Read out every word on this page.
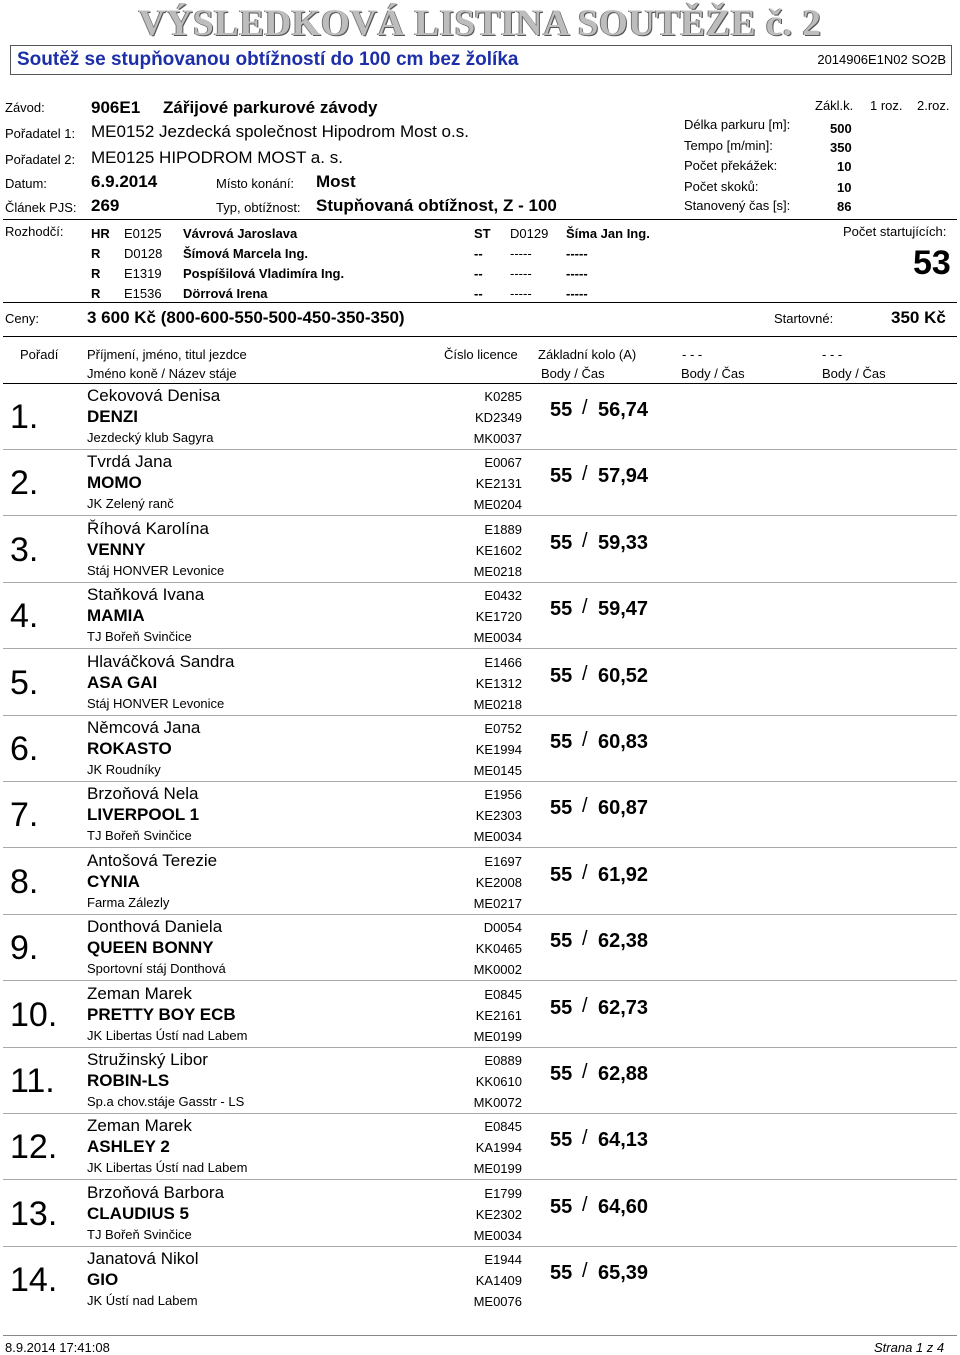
VÝSLEDKOVÁ LISTINA SOUTĚŽE č. 2
Soutěž se stupňovanou obtížností do 100 cm bez žolíka	2014906E1N02 SO2B
Závod:	906E1 Zářijové parkurové závody
Pořadatel 1: ME0152 Jezdecká společnost Hipodrom Most o.s.
Pořadatel 2: ME0125 HIPODROM MOST a. s.
Datum:	6.9.2014	Místo konání: Most
Článek PJS: 269	Typ, obtížnost: Stupňovaná obtížnost, Z - 100
Zákl.k. 1 roz. 2.roz.
Délka parkuru [m]:	500
Tempo [m/min]:	350
Počet překážek:	10
Počet skoků:	10
Stanovený čas [s]:	86
Rozhodčí: HR E0125 Vávrová Jaroslava	ST D0129 Šíma Jan Ing.
R D0128 Šímová Marcela Ing.	-- -----	-----
R E1319 Pospíšilová Vladimíra Ing.	-- -----	-----
R E1536 Dörrová Irena	-- -----	-----
Počet startujících:
53
Ceny:	3 600 Kč (800-600-550-500-450-350-350)	Startovné:	350 Kč
Pořadí Příjmení, jméno, titul jezdce
Jméno koně / Název stáje
Číslo licence Základní kolo (A)	- - -	- - -
Body / Čas	Body / Čas	Body / Čas
1.
Cekovová Denisa
DENZI
Jezdecký klub Sagyra
K0285
KD2349
MK0037
55 / 56,74
2.
Tvrdá Jana
MOMO
JK Zelený ranč
E0067
KE2131
ME0204
55 / 57,94
3.
Říhová Karolína
VENNY
Stáj HONVER Levonice
E1889
KE1602
ME0218
55 / 59,33
4.
Staňková Ivana
MAMIA
TJ Bořeň Svinčice
E0432
KE1720
ME0034
55 / 59,47
5.
Hlaváčková Sandra
ASA GAI
Stáj HONVER Levonice
E1466
KE1312
ME0218
55 / 60,52
6.
Němcová Jana
ROKASTO
JK Roudníky
E0752
KE1994
ME0145
55 / 60,83
7.
Brzoňová Nela
LIVERPOOL 1
TJ Bořeň Svinčice
E1956
KE2303
ME0034
55 / 60,87
8.
Antošová Terezie
CYNIA
Farma Zálezly
E1697
KE2008
ME0217
55 / 61,92
9.
Donthová Daniela
QUEEN BONNY
Sportovní stáj Donthová
D0054
KK0465
MK0002
55 / 62,38
10.
Zeman Marek
PRETTY BOY ECB
JK Libertas Ústí nad Labem
E0845
KE2161
ME0199
55 / 62,73
11.
Stružinský Libor
ROBIN-LS
Sp.a chov.stáje Gasstr - LS
E0889
KK0610
MK0072
55 / 62,88
12.
Zeman Marek
ASHLEY 2
JK Libertas Ústí nad Labem
E0845
KA1994
ME0199
55 / 64,13
13.
Brzoňová Barbora
CLAUDIUS 5
TJ Bořeň Svinčice
E1799
KE2302
ME0034
55 / 64,60
14.
Janatová Nikol
GIO
JK Ústí nad Labem
E1944
KA1409
ME0076
55 / 65,39
8.9.2014 17:41:08	Strana 1 z 4
